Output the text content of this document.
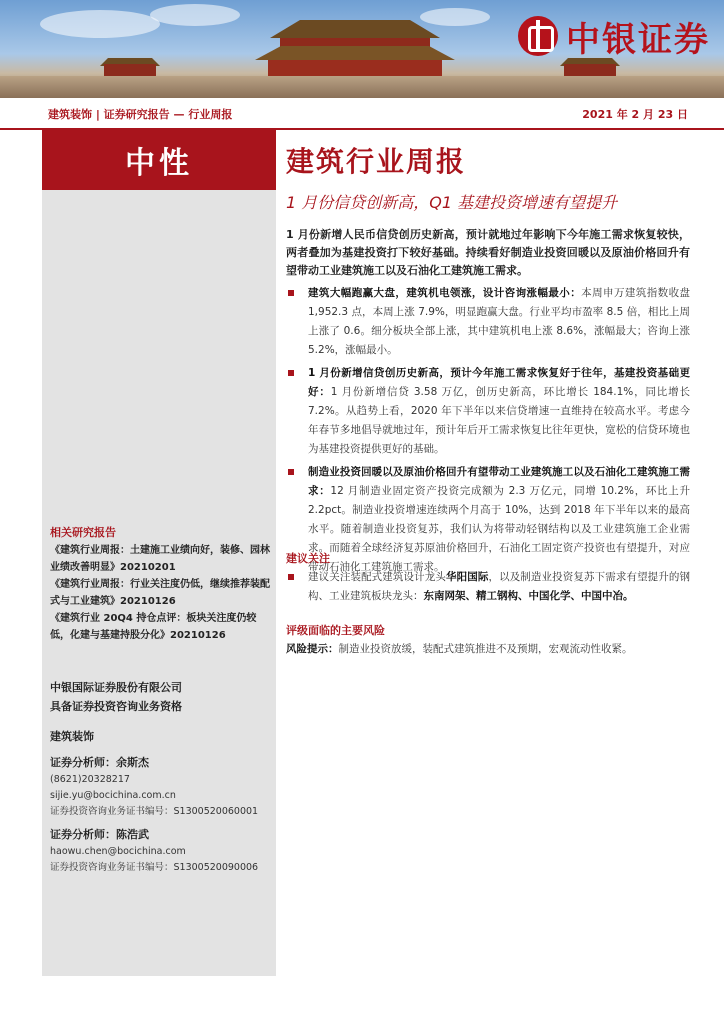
中银证券
建筑装饰 | 证券研究报告 — 行业周报	2021 年 2 月 23 日
中性
相关研究报告
《建筑行业周报：土建施工业绩向好，装修、园林业绩改善明显》20210201
《建筑行业周报：行业关注度仍低，继续推荐装配式与工业建筑》20210126
《建筑行业 20Q4 持仓点评：板块关注度仍较低，化建与基建持股分化》20210126
中银国际证券股份有限公司
具备证券投资咨询业务资格
建筑装饰
证券分析师：余斯杰
(8621)20328217
sijie.yu@bocichina.com.cn
证券投资咨询业务证书编号：S1300520060001
证券分析师：陈浩武
haowu.chen@bocichina.com
证券投资咨询业务证书编号：S1300520090006
建筑行业周报
1 月份信贷创新高，Q1 基建投资增速有望提升
1 月份新增人民币信贷创历史新高，预计就地过年影响下今年施工需求恢复较快，两者叠加为基建投资打下较好基础。持续看好制造业投资回暖以及原油价格回升有望带动工业建筑施工以及石油化工建筑施工需求。
建筑大幅跑赢大盘，建筑机电领涨，设计咨询涨幅最小：本周申万建筑指数收盘 1,952.3 点，本周上涨 7.9%，明显跑赢大盘。行业平均市盈率 8.5 倍，相比上周上涨了 0.6。细分板块全部上涨，其中建筑机电上涨 8.6%，涨幅最大；咨询上涨 5.2%，涨幅最小。
1 月份新增信贷创历史新高，预计今年施工需求恢复好于往年，基建投资基础更好：1 月份新增信贷 3.58 万亿，创历史新高，环比增长 184.1%，同比增长 7.2%。从趋势上看，2020 年下半年以来信贷增速一直维持在较高水平。考虑今年春节多地倡导就地过年，预计年后开工需求恢复比往年更快，宽松的信贷环境也为基建投资提供更好的基础。
制造业投资回暖以及原油价格回升有望带动工业建筑施工以及石油化工建筑施工需求：12 月制造业固定资产投资完成额为 2.3 万亿元，同增 10.2%，环比上升 2.2pct。制造业投资增速连续两个月高于 10%，达到 2018 年下半年以来的最高水平。随着制造业投资复苏，我们认为将带动轻钢结构以及工业建筑施工企业需求。而随着全球经济复苏原油价格回升，石油化工固定资产投资也有望提升，对应带动石油化工建筑施工需求。
建议关注
建议关注装配式建筑设计龙头华阳国际，以及制造业投资复苏下需求有望提升的钢构、工业建筑板块龙头：东南网架、精工钢构、中国化学、中国中冶。
评级面临的主要风险
风险提示：制造业投资放缓，装配式建筑推进不及预期，宏观流动性收紧。
